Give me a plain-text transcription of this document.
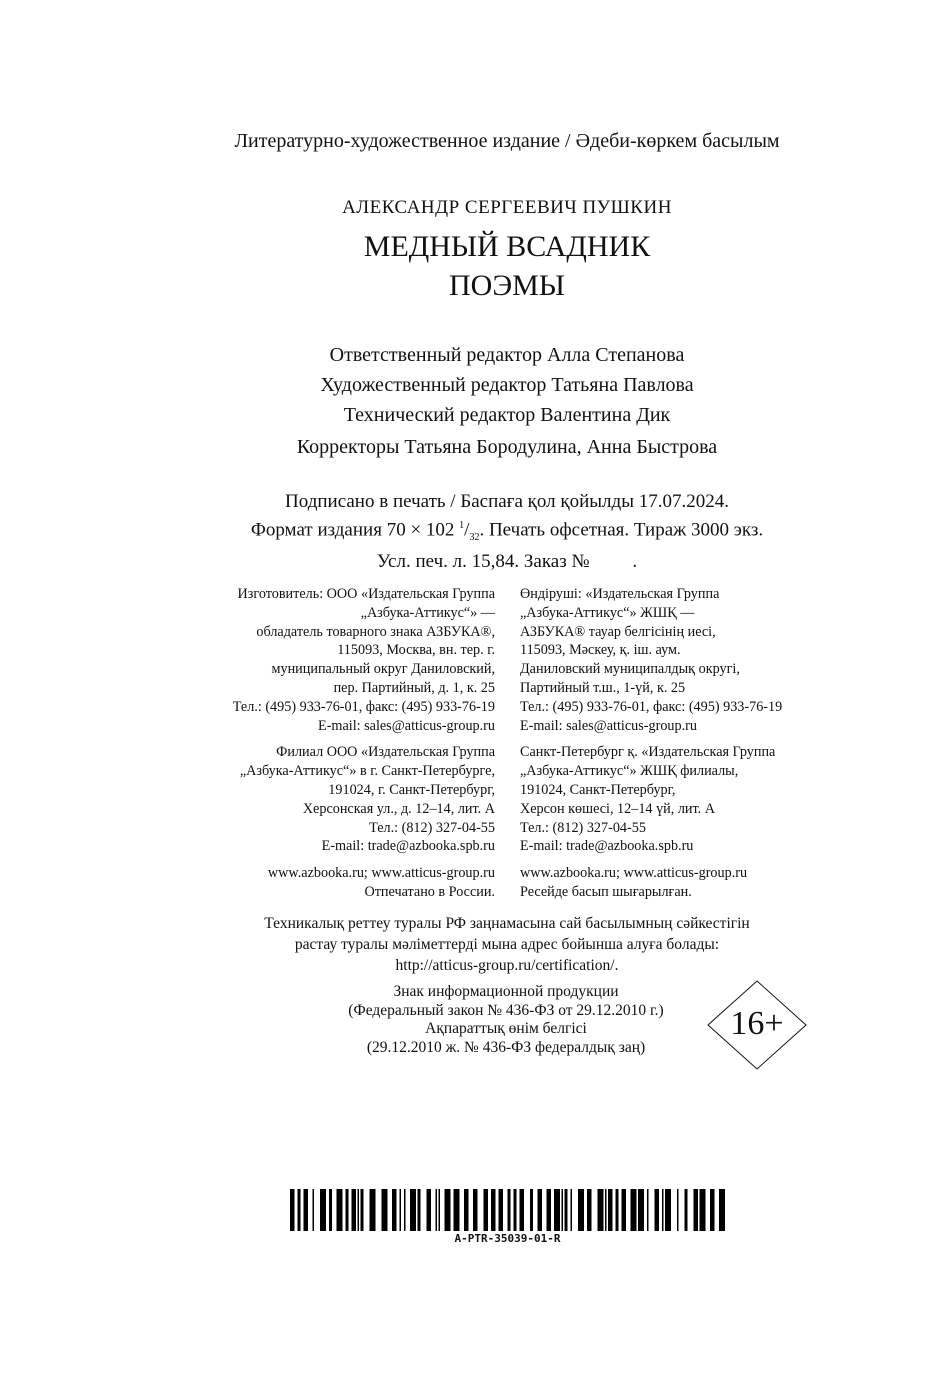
Литературно-художественное издание / Әдеби-көркем басылым
АЛЕКСАНДР СЕРГЕЕВИЧ ПУШКИН
МЕДНЫЙ ВСАДНИК
ПОЭМЫ
Ответственный редактор Алла Степанова
Художественный редактор Татьяна Павлова
Технический редактор Валентина Дик
Корректоры Татьяна Бородулина, Анна Быстрова
Подписано в печать / Баспаға қол қойылды 17.07.2024.
Формат издания 70 × 102 $^1/_{32}$. Печать офсетная. Тираж 3000 экз.
Усл. печ. л. 15,84. Заказ №         .
Изготовитель: ООО «Издательская Группа
„Азбука-Аттикус“» —
обладатель товарного знака АЗБУКА®,
115093, Москва, вн. тер. г.
муниципальный округ Даниловский,
пер. Партийный, д. 1, к. 25
Тел.: (495) 933-76-01, факс: (495) 933-76-19
E-mail: sales@atticus-group.ru
Филиал ООО «Издательская Группа
„Азбука-Аттикус“» в г. Санкт-Петербурге,
191024, г. Санкт-Петербург,
Херсонская ул., д. 12–14, лит. А
Тел.: (812) 327-04-55
E-mail: trade@azbooka.spb.ru
www.azbooka.ru; www.atticus-group.ru
Отпечатано в России.
Өндіруші: «Издательская Группа
„Азбука-Аттикус“» ЖШҚ —
АЗБУКА® тауар белгісінің иесі,
115093, Мәскеу, қ. іш. аум.
Даниловский муниципалдық округі,
Партийный т.ш., 1-үй, к. 25
Тел.: (495) 933-76-01, факс: (495) 933-76-19
E-mail: sales@atticus-group.ru
Санкт-Петербург қ. «Издательская Группа
„Азбука-Аттикус“» ЖШҚ филиалы,
191024, Санкт-Петербург,
Херсон көшесі, 12–14 үй, лит. А
Тел.: (812) 327-04-55
E-mail: trade@azbooka.spb.ru
www.azbooka.ru; www.atticus-group.ru
Ресейде басып шығарылған.
Техникалық реттеу туралы РФ заңнамасына сай басылымның сәйкестігін
растау туралы мәліметтерді мына адрес бойынша алуға болады:
http://atticus-group.ru/certification/.
Знак информационной продукции
(Федеральный закон № 436-ФЗ от 29.12.2010 г.)
Ақпараттық өнім белгісі
(29.12.2010 ж. № 436-ФЗ федералдық заң)
16+
A-PTR-35039-01-R
